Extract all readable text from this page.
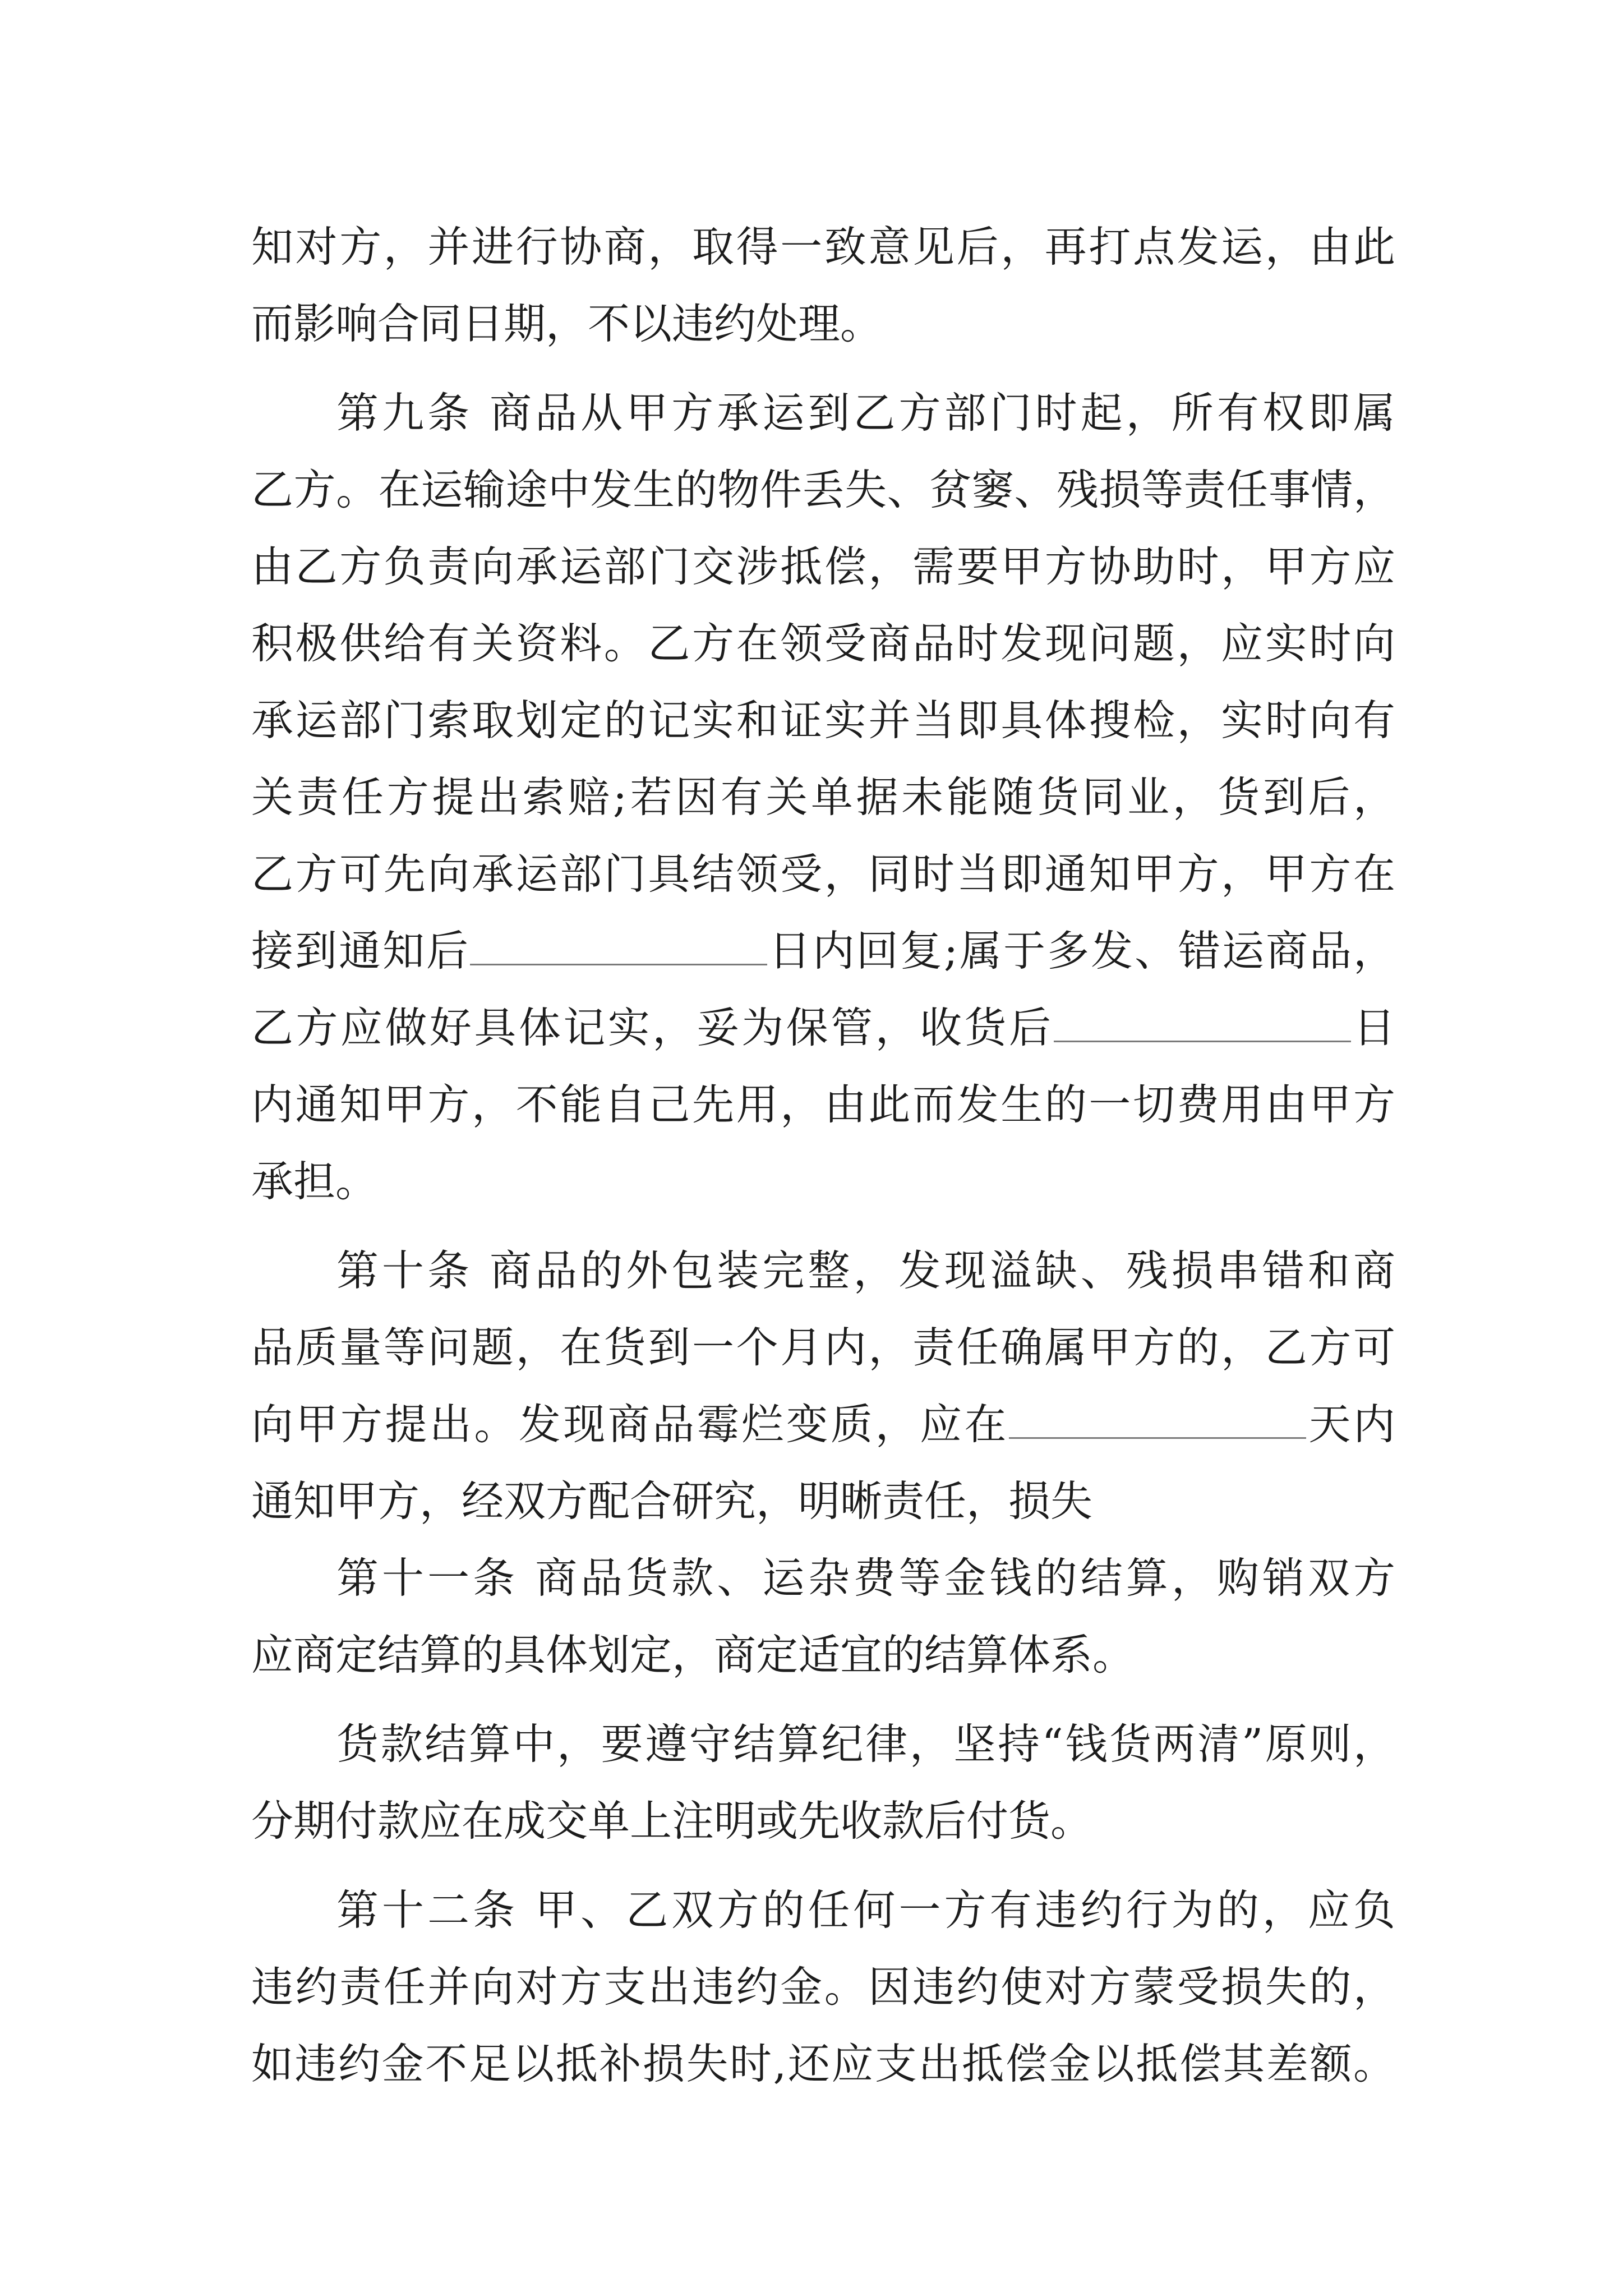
知对方，并进行协商，取得一致意见后，再打点发运，由此
而影响合同日期，不以违约处理。
第九条 商品从甲方承运到乙方部门时起，所有权即属
乙方。在运输途中发生的物件丢失、贫窭、残损等责任事情，
由乙方负责向承运部门交涉抵偿，需要甲方协助时，甲方应
积极供给有关资料。乙方在领受商品时发现问题，应实时向
承运部门索取划定的记实和证实并当即具体搜检，实时向有
关责任方提出索赔;若因有关单据未能随货同业，货到后，
乙方可先向承运部门具结领受，同时当即通知甲方，甲方在
接到通知后	日内回复;属于多发、错运商品，
乙方应做好具体记实，妥为保管，收货后	日
内通知甲方，不能自己先用，由此而发生的一切费用由甲方
承担。
第十条 商品的外包装完整，发现溢缺、残损串错和商
品质量等问题，在货到一个月内，责任确属甲方的，乙方可
向甲方提出。发现商品霉烂变质，应在	天内
通知甲方，经双方配合研究，明晰责任，损失
第十一条 商品货款、运杂费等金钱的结算，购销双方
应商定结算的具体划定，商定适宜的结算体系。
货款结算中，要遵守结算纪律，坚持“钱货两清”原则，
分期付款应在成交单上注明或先收款后付货。
第十二条 甲、乙双方的任何一方有违约行为的，应负
违约责任并向对方支出违约金。因违约使对方蒙受损失的，
如违约金不足以抵补损失时,还应支出抵偿金以抵偿其差额。
